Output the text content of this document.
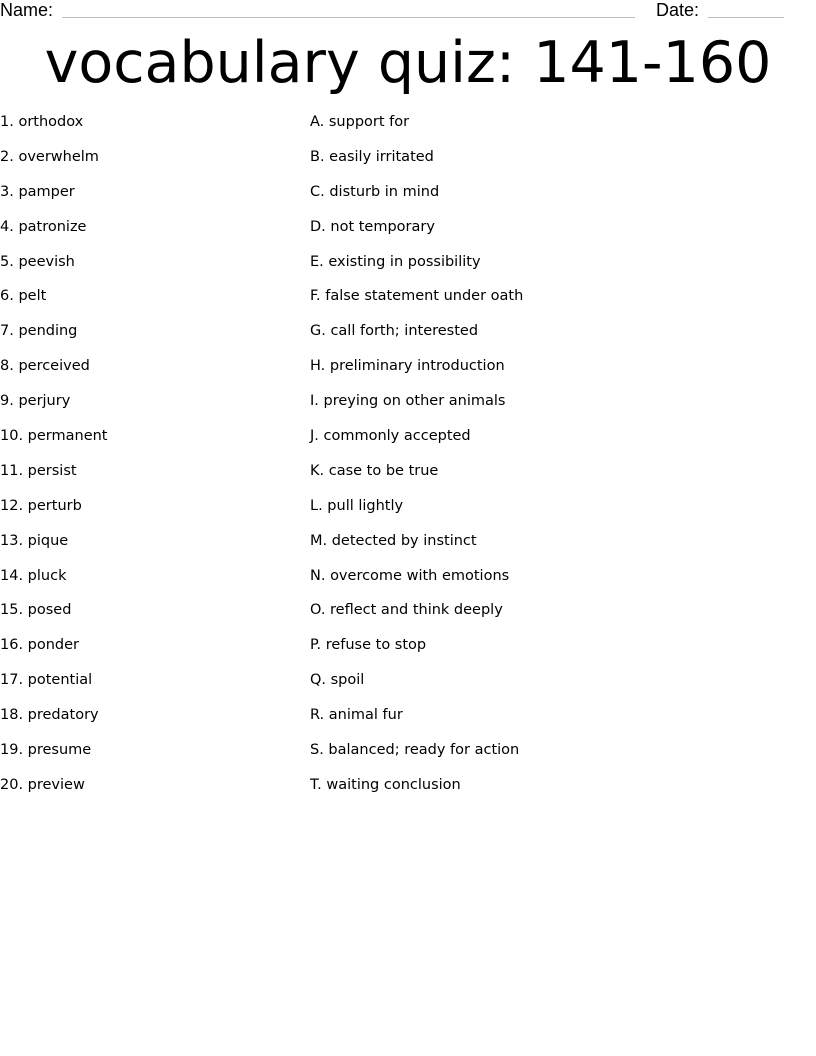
Name:	Date:
vocabulary quiz: 141-160
1. orthodox	A. support for
2. overwhelm	B. easily irritated
3. pamper	C. disturb in mind
4. patronize	D. not temporary
5. peevish	E. existing in possibility
6. pelt	F. false statement under oath
7. pending	G. call forth; interested
8. perceived	H. preliminary introduction
9. perjury	I. preying on other animals
10. permanent	J. commonly accepted
11. persist	K. case to be true
12. perturb	L. pull lightly
13. pique	M. detected by instinct
14. pluck	N. overcome with emotions
15. posed	O. reflect and think deeply
16. ponder	P. refuse to stop
17. potential	Q. spoil
18. predatory	R. animal fur
19. presume	S. balanced; ready for action
20. preview	T. waiting conclusion
